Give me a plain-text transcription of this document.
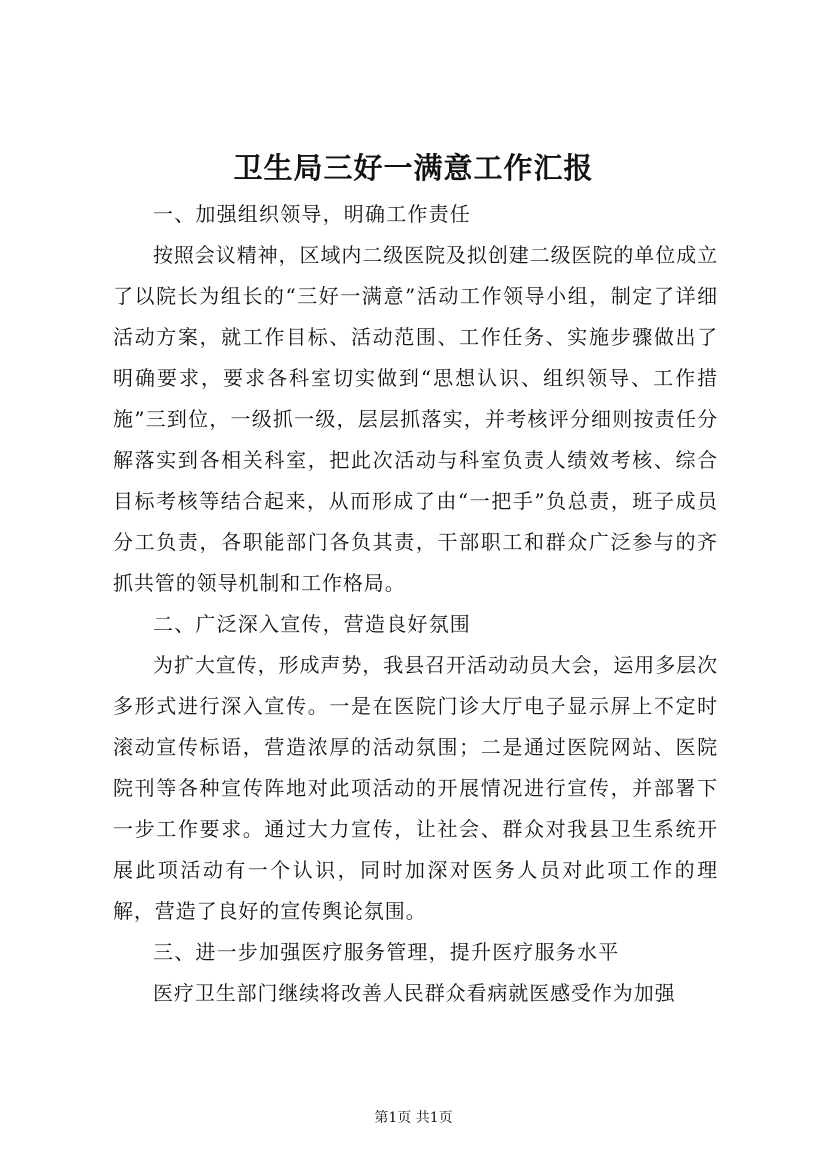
卫生局三好一满意工作汇报

一、加强组织领导，明确工作责任

按照会议精神，区域内二级医院及拟创建二级医院的单位成立了以院长为组长的“三好一满意”活动工作领导小组，制定了详细活动方案，就工作目标、活动范围、工作任务、实施步骤做出了明确要求，要求各科室切实做到“思想认识、组织领导、工作措施”三到位，一级抓一级，层层抓落实，并考核评分细则按责任分解落实到各相关科室，把此次活动与科室负责人绩效考核、综合目标考核等结合起来，从而形成了由“一把手”负总责，班子成员分工负责，各职能部门各负其责，干部职工和群众广泛参与的齐抓共管的领导机制和工作格局。

二、广泛深入宣传，营造良好氛围

为扩大宣传，形成声势，我县召开活动动员大会，运用多层次多形式进行深入宣传。一是在医院门诊大厅电子显示屏上不定时滚动宣传标语，营造浓厚的活动氛围；二是通过医院网站、医院院刊等各种宣传阵地对此项活动的开展情况进行宣传，并部署下一步工作要求。通过大力宣传，让社会、群众对我县卫生系统开展此项活动有一个认识，同时加深对医务人员对此项工作的理解，营造了良好的宣传舆论氛围。

三、进一步加强医疗服务管理，提升医疗服务水平

医疗卫生部门继续将改善人民群众看病就医感受作为加强

第1页 共1页
